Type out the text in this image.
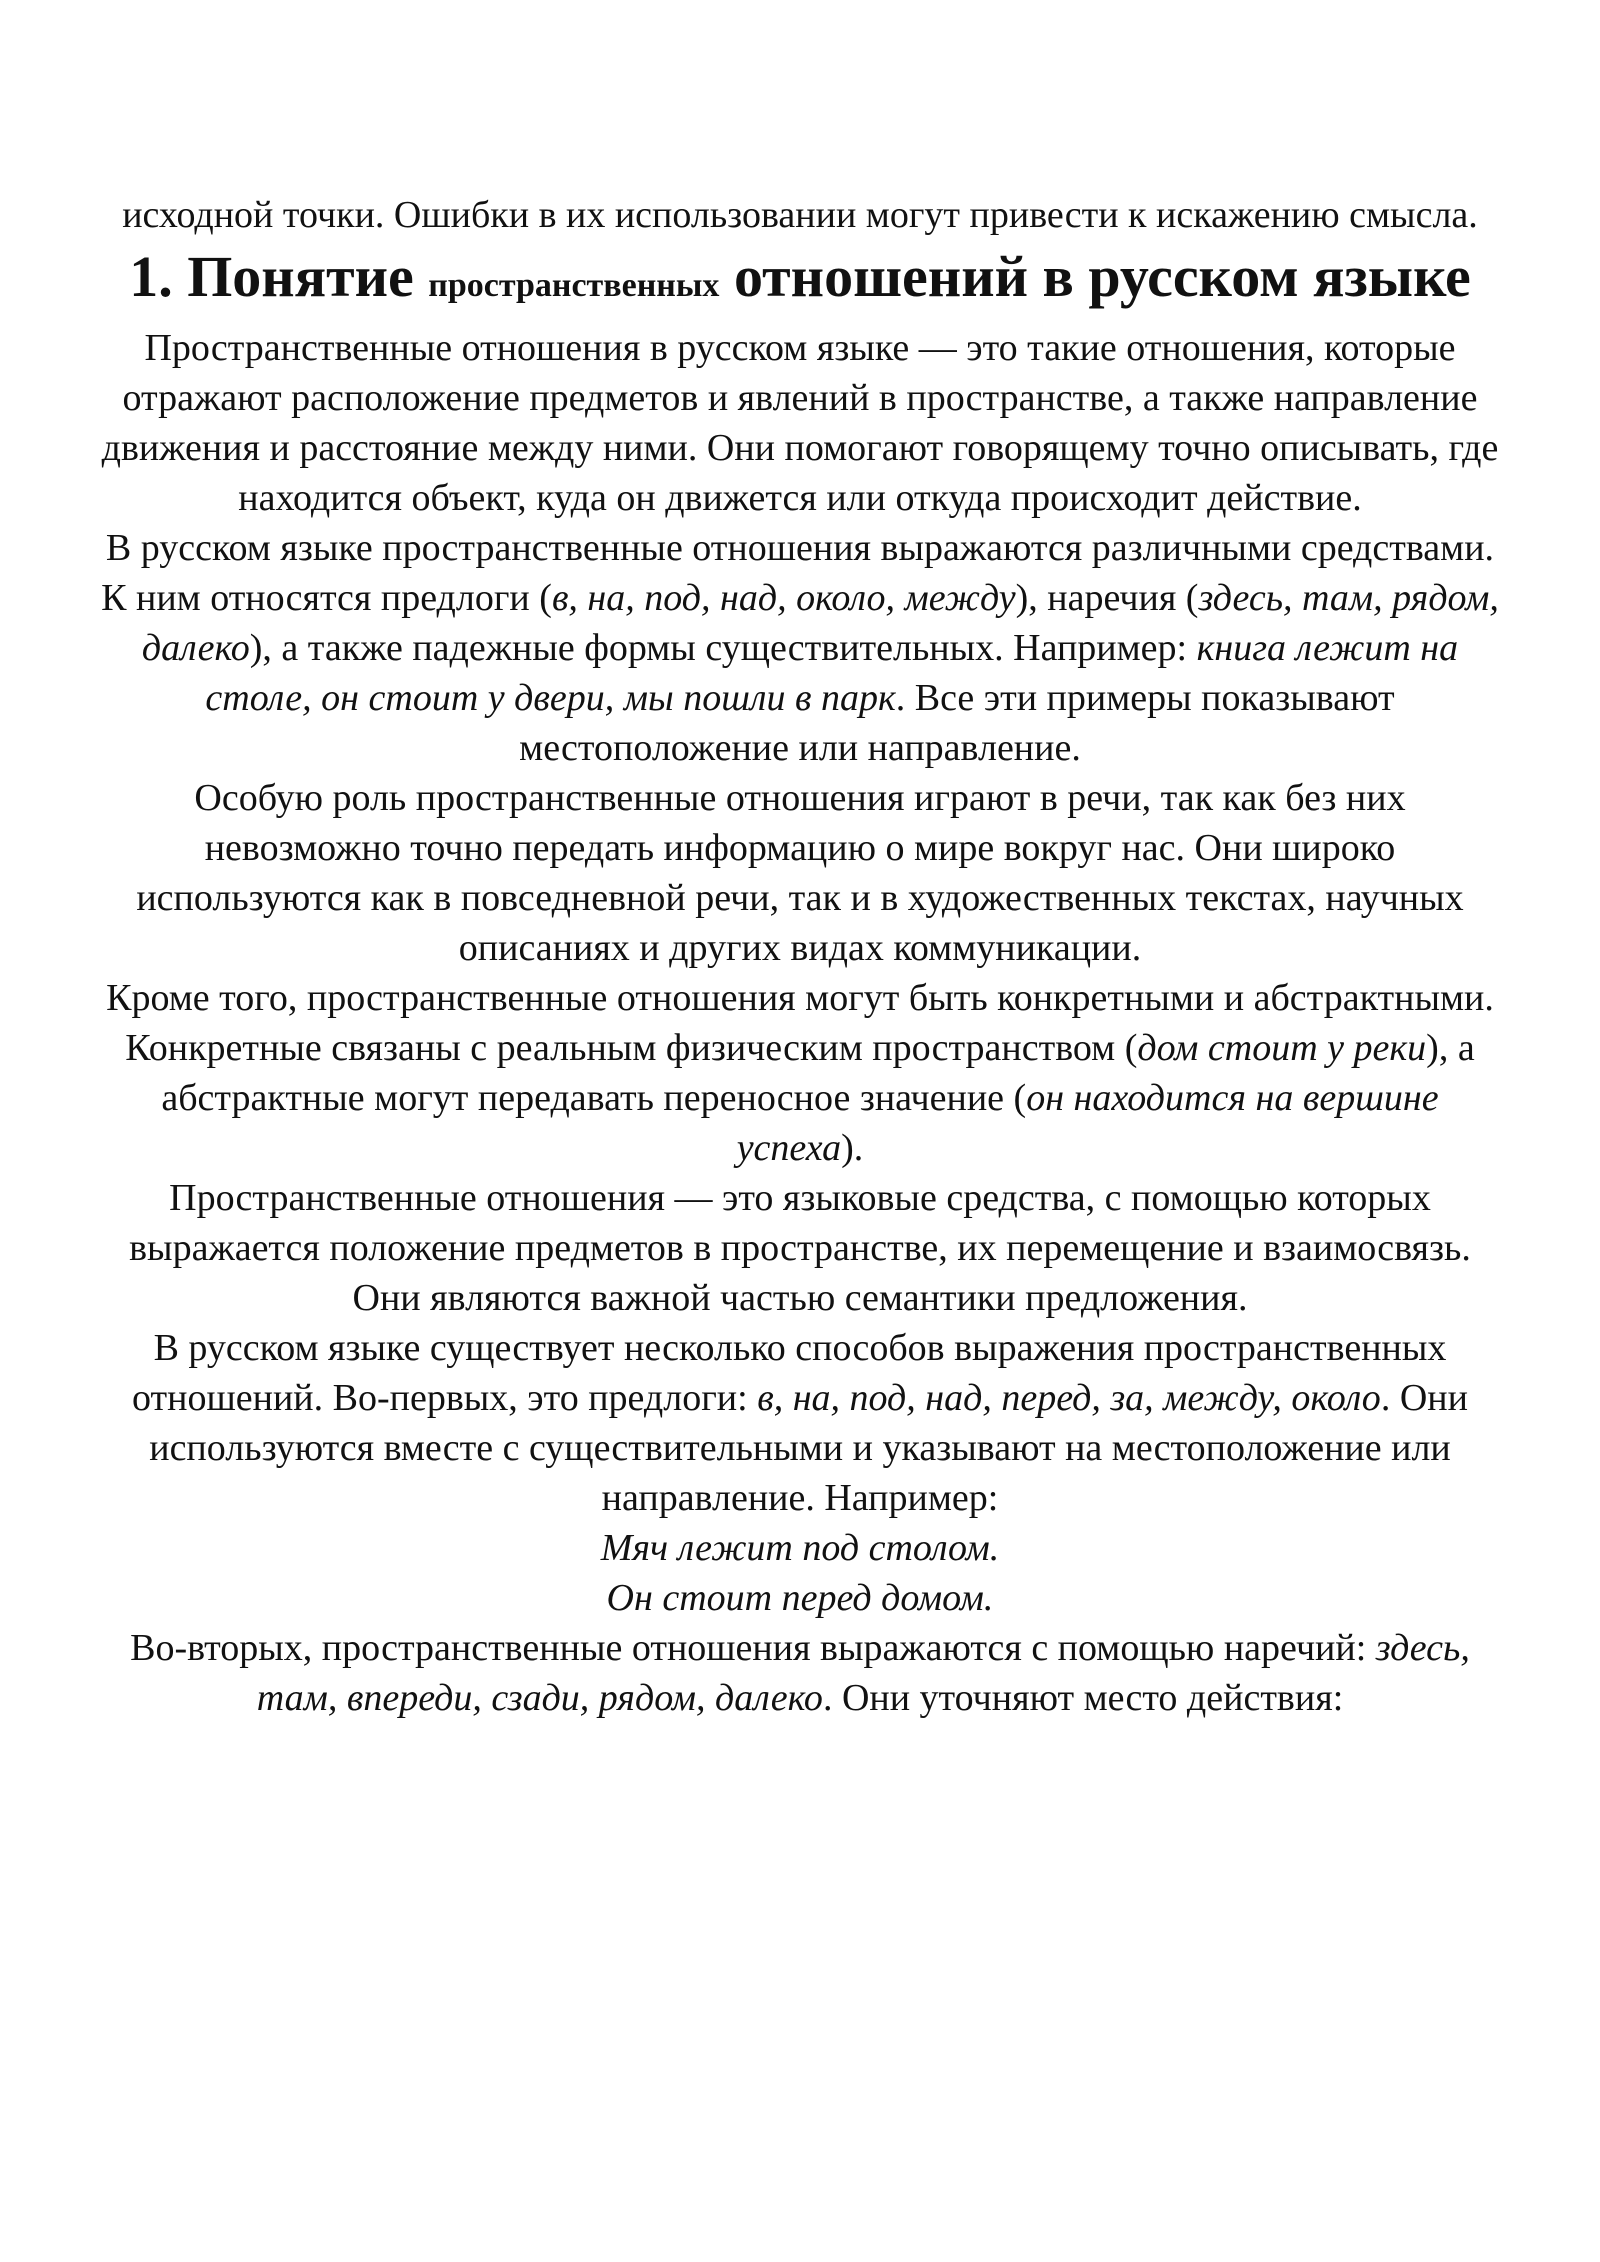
исходной точки. Ошибки в их использовании могут привести к искажению смысла.

1. Понятие пространственных отношений в русском языке

Пространственные отношения в русском языке — это такие отношения, которые отражают расположение предметов и явлений в пространстве, а также направление движения и расстояние между ними. Они помогают говорящему точно описывать, где находится объект, куда он движется или откуда происходит действие.

В русском языке пространственные отношения выражаются различными средствами. К ним относятся предлоги (в, на, под, над, около, между), наречия (здесь, там, рядом, далеко), а также падежные формы существительных. Например: книга лежит на столе, он стоит у двери, мы пошли в парк. Все эти примеры показывают местоположение или направление.

Особую роль пространственные отношения играют в речи, так как без них невозможно точно передать информацию о мире вокруг нас. Они широко используются как в повседневной речи, так и в художественных текстах, научных описаниях и других видах коммуникации.

Кроме того, пространственные отношения могут быть конкретными и абстрактными. Конкретные связаны с реальным физическим пространством (дом стоит у реки), а абстрактные могут передавать переносное значение (он находится на вершине успеха).

Пространственные отношения — это языковые средства, с помощью которых выражается положение предметов в пространстве, их перемещение и взаимосвязь. Они являются важной частью семантики предложения.

В русском языке существует несколько способов выражения пространственных отношений. Во-первых, это предлоги: в, на, под, над, перед, за, между, около. Они используются вместе с существительными и указывают на местоположение или направление. Например:

Мяч лежит под столом.

Он стоит перед домом.

Во-вторых, пространственные отношения выражаются с помощью наречий: здесь, там, впереди, сзади, рядом, далеко. Они уточняют место действия:
